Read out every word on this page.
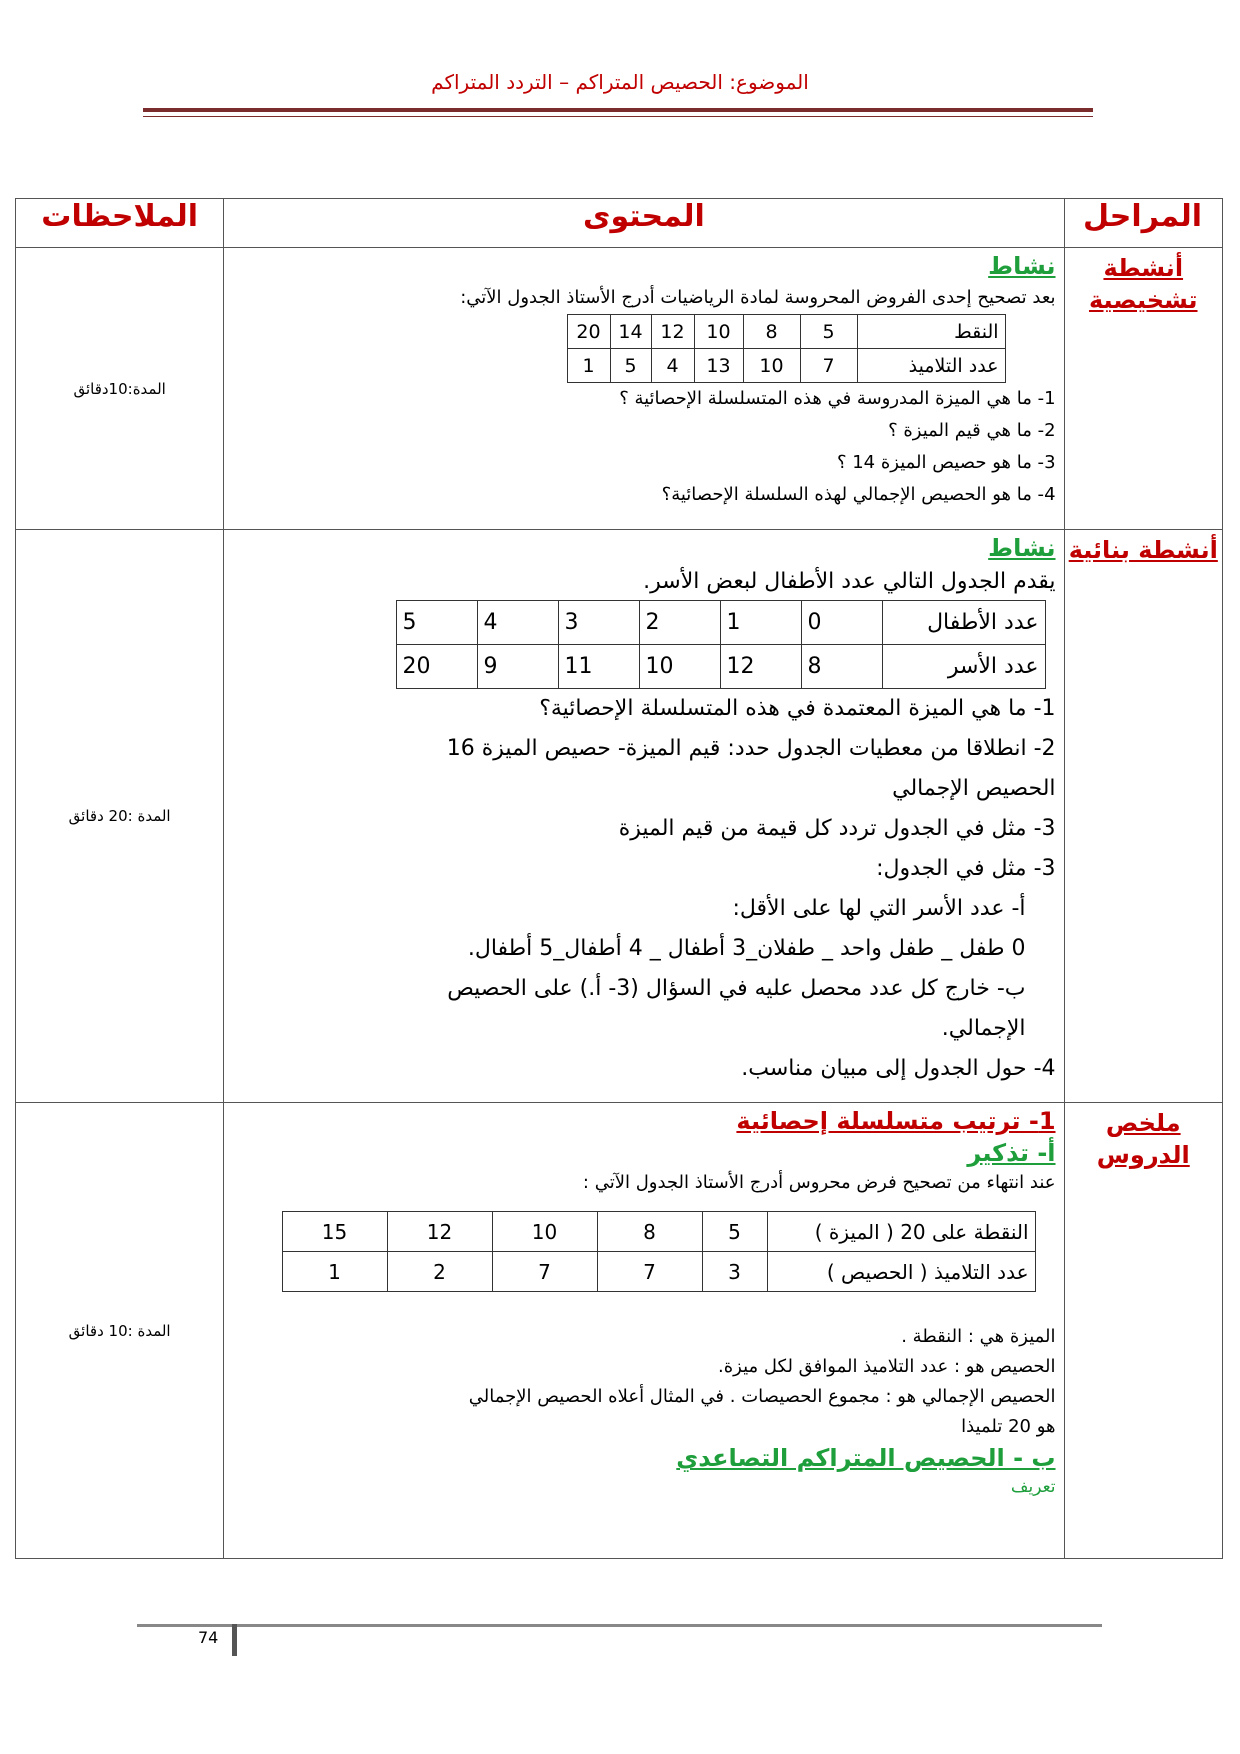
الموضوع: الحصيص المتراكم – التردد المتراكم
المراحل	المحتوى	الملاحظات

أنشطة
تشخيصية

نشاط
بعد تصحيح إحدى الفروض المحروسة لمادة الرياضيات أدرج الأستاذ الجدول الآتي:
النقط	5	8	10	12	14	20
عدد التلاميذ	7	10	13	4	5	1
1- ما هي الميزة المدروسة في هذه المتسلسلة الإحصائية ؟
2- ما هي قيم الميزة ؟
3- ما هو حصيص الميزة 14 ؟
4- ما هو الحصيص الإجمالي لهذه السلسلة الإحصائية؟
	المدة:10دقائق

أنشطة بنائية

نشاط
يقدم الجدول التالي عدد الأطفال لبعض الأسر.
عدد الأطفال	0	1	2	3	4	5
عدد الأسر	8	12	10	11	9	20
1- ما هي الميزة المعتمدة في هذه المتسلسلة الإحصائية؟
2- انطلاقا من معطيات الجدول حدد: قيم الميزة- حصيص الميزة 16
الحصيص الإجمالي
3- مثل في الجدول تردد كل قيمة من قيم الميزة
3- مثل في الجدول:
أ- عدد الأسر التي لها على الأقل:
0 طفل _ طفل واحد _ طفلان_3 أطفال _ 4 أطفال_5 أطفال.
ب- خارج كل عدد محصل عليه في السؤال (3- أ.) على الحصيص
الإجمالي.
4- حول الجدول إلى مبيان مناسب.
	المدة :20 دقائق

ملخص
الدروس

1- ترتيب متسلسلة إحصائية
أ- تذكير
عند انتهاء من تصحيح فرض محروس أدرج الأستاذ الجدول الآتي :
النقطة على 20 ( الميزة )	5	8	10	12	15
عدد التلاميذ ( الحصيص )	3	7	7	2	1
الميزة هي : النقطة .
الحصيص هو : عدد التلاميذ الموافق لكل ميزة.
الحصيص الإجمالي هو : مجموع الحصيصات . في المثال أعلاه الحصيص الإجمالي
هو 20 تلميذا
ب - الحصيص المتراكم التصاعدي
تعريف
	المدة :10 دقائق
74
